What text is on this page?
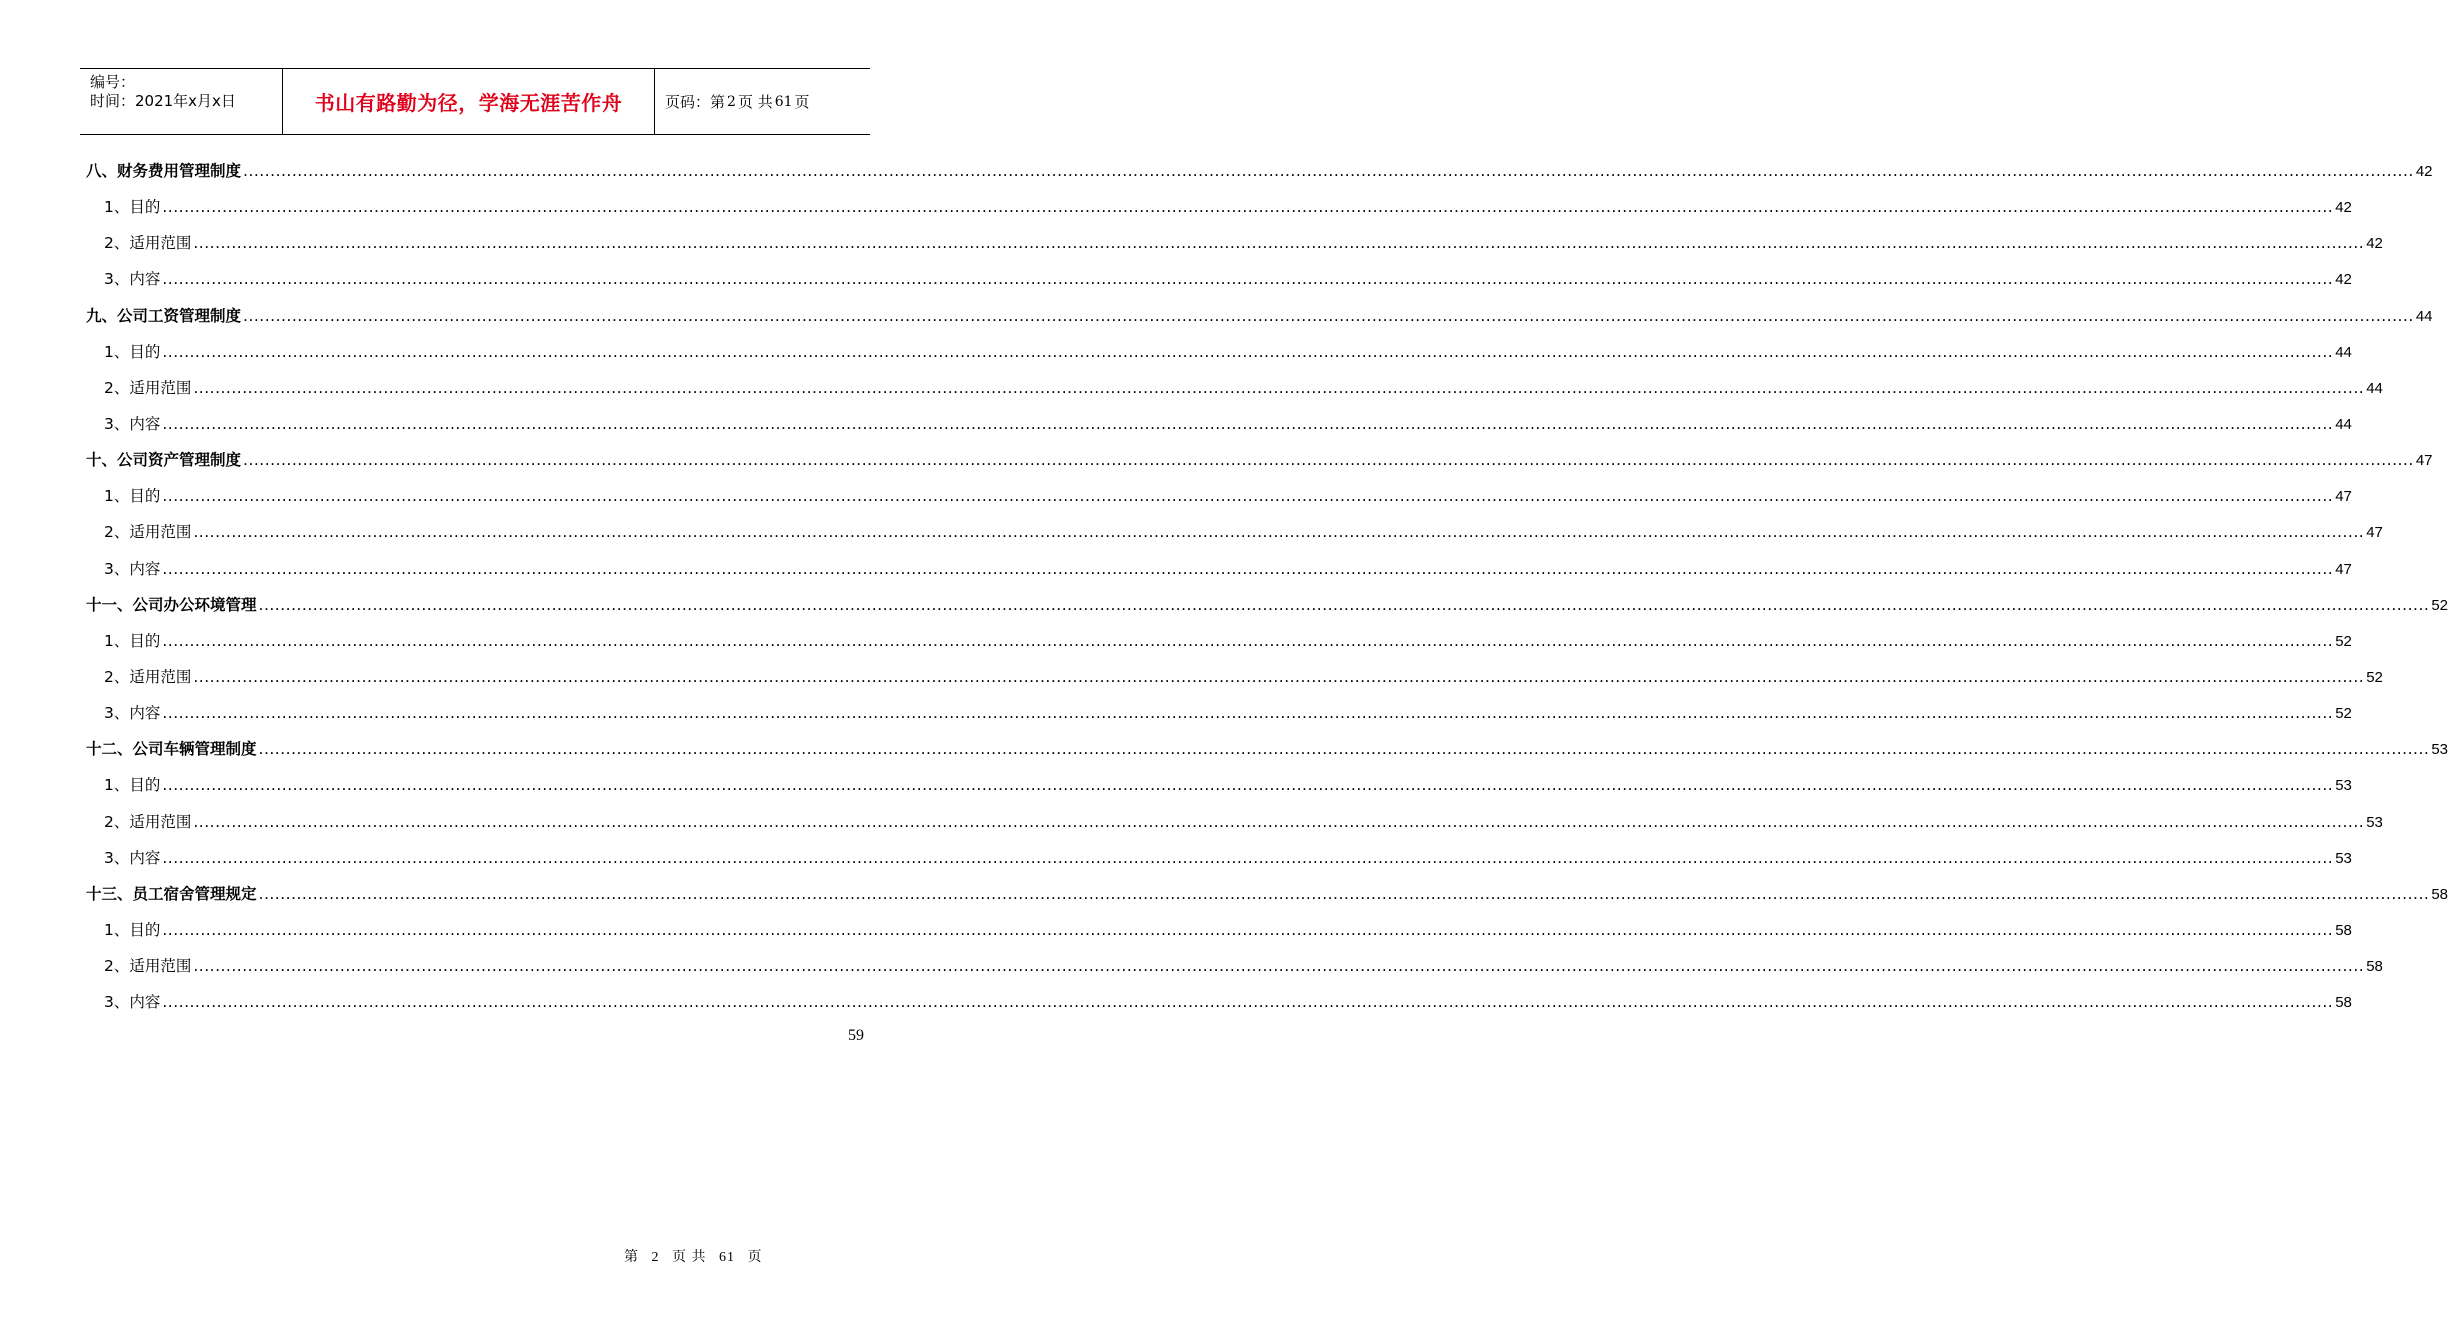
编号：
时间：2021年x月x日	书山有路勤为径，学海无涯苦作舟	页码：第 2 页 共 61 页
八、财务费用管理制度 ................................................................................................................................................................................................................................................................................................................................................................................................................ 42
1、目的 ................................................................................................................................................................................................................................................................................................................................................................................................................ 42
2、适用范围 ................................................................................................................................................................................................................................................................................................................................................................................................................ 42
3、内容 ................................................................................................................................................................................................................................................................................................................................................................................................................ 42
九、公司工资管理制度 ................................................................................................................................................................................................................................................................................................................................................................................................................ 44
1、目的 ................................................................................................................................................................................................................................................................................................................................................................................................................ 44
2、适用范围 ................................................................................................................................................................................................................................................................................................................................................................................................................ 44
3、内容 ................................................................................................................................................................................................................................................................................................................................................................................................................ 44
十、公司资产管理制度 ................................................................................................................................................................................................................................................................................................................................................................................................................ 47
1、目的 ................................................................................................................................................................................................................................................................................................................................................................................................................ 47
2、适用范围 ................................................................................................................................................................................................................................................................................................................................................................................................................ 47
3、内容 ................................................................................................................................................................................................................................................................................................................................................................................................................ 47
十一、公司办公环境管理 ................................................................................................................................................................................................................................................................................................................................................................................................................ 52
1、目的 ................................................................................................................................................................................................................................................................................................................................................................................................................ 52
2、适用范围 ................................................................................................................................................................................................................................................................................................................................................................................................................ 52
3、内容 ................................................................................................................................................................................................................................................................................................................................................................................................................ 52
十二、公司车辆管理制度 ................................................................................................................................................................................................................................................................................................................................................................................................................ 53
1、目的 ................................................................................................................................................................................................................................................................................................................................................................................................................ 53
2、适用范围 ................................................................................................................................................................................................................................................................................................................................................................................................................ 53
3、内容 ................................................................................................................................................................................................................................................................................................................................................................................................................ 53
十三、员工宿舍管理规定 ................................................................................................................................................................................................................................................................................................................................................................................................................ 58
1、目的 ................................................................................................................................................................................................................................................................................................................................................................................................................ 58
2、适用范围 ................................................................................................................................................................................................................................................................................................................................................................................................................ 58
3、内容 ................................................................................................................................................................................................................................................................................................................................................................................................................ 58
59
第 2 页 共 61 页
